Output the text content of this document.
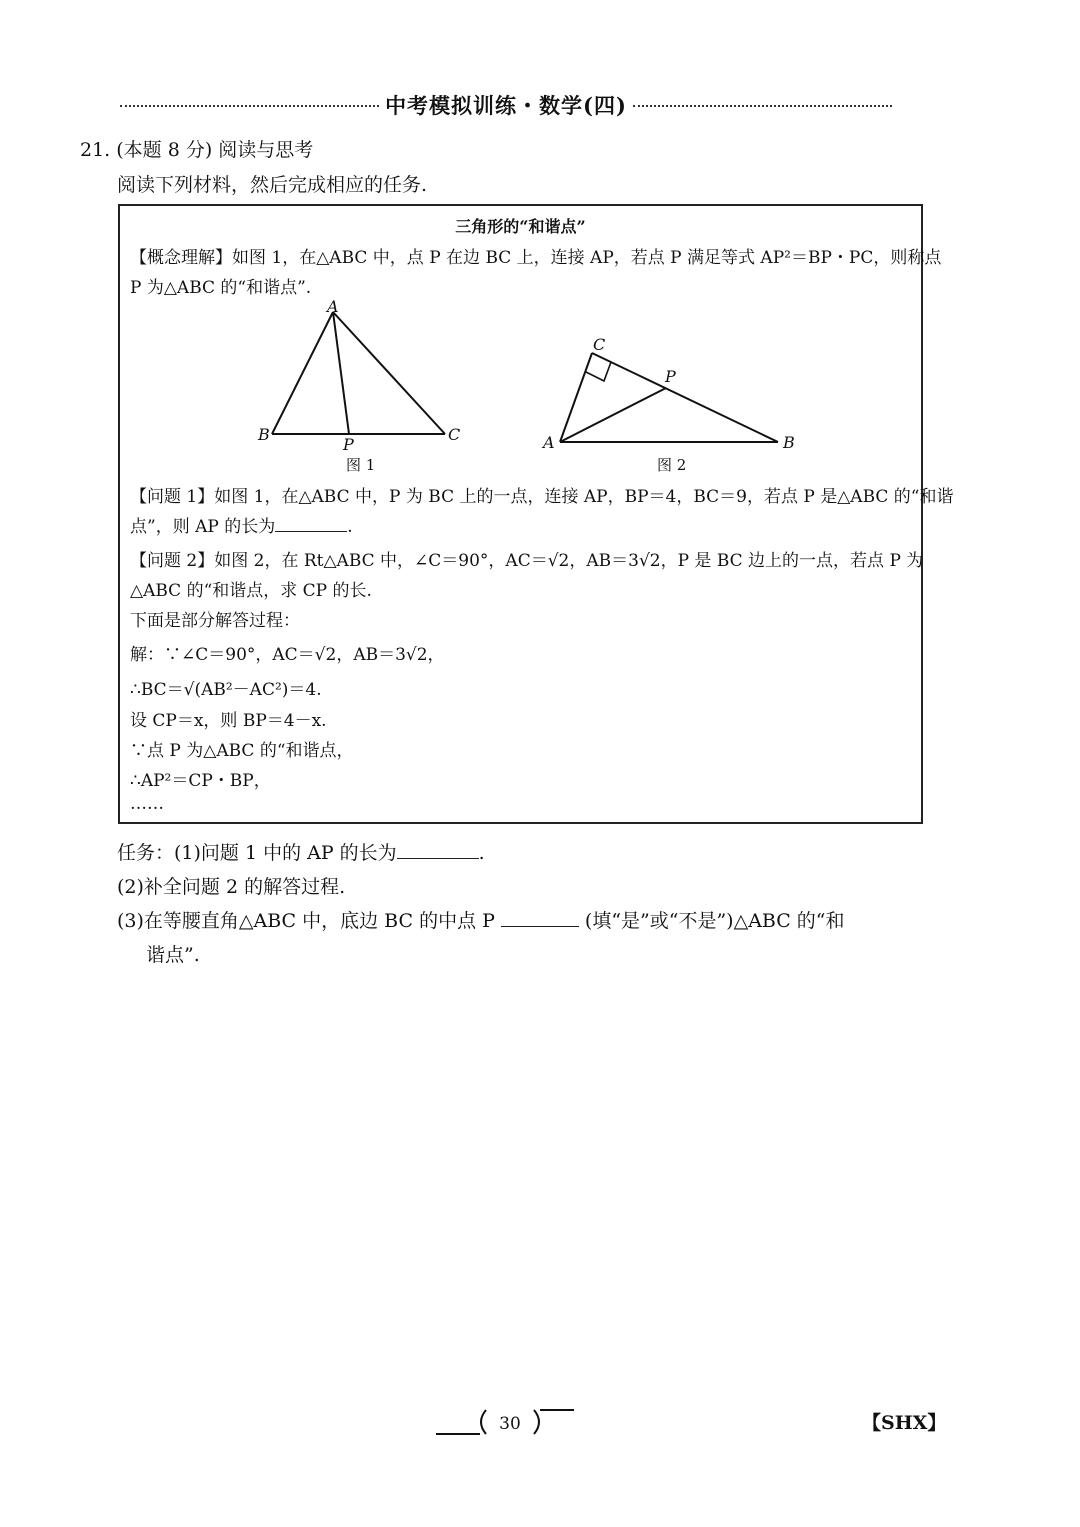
中考模拟训练・数学(四)
21. (本题 8 分) 阅读与思考
阅读下列材料，然后完成相应的任务.
三角形的“和谐点”
【概念理解】如图 1，在△ABC 中，点 P 在边 BC 上，连接 AP，若点 P 满足等式 AP²＝BP・PC，则称点
P 为△ABC 的“和谐点”.
A
B	C
P
图 1
C
P
A	B
图 2
【问题 1】如图 1，在△ABC 中，P 为 BC 上的一点，连接 AP，BP＝4，BC＝9，若点 P 是△ABC 的“和谐
点”，则 AP 的长为	.
【问题 2】如图 2，在 Rt△ABC 中，∠C＝90°，AC＝√2，AB＝3√2，P 是 BC 边上的一点，若点 P 为
△ABC 的“和谐点，求 CP 的长.
下面是部分解答过程：
解：∵∠C＝90°，AC＝√2，AB＝3√2，
∴BC＝√(AB²－AC²)＝4.
设 CP＝x，则 BP＝4－x.
∵点 P 为△ABC 的“和谐点，
∴AP²＝CP・BP，
……
任务：(1)问题 1 中的 AP 的长为	.
(2)补全问题 2 的解答过程.
(3)在等腰直角△ABC 中，底边 BC 的中点 P	(填“是”或“不是”)△ABC 的“和
谐点”.
30	【SHX】
